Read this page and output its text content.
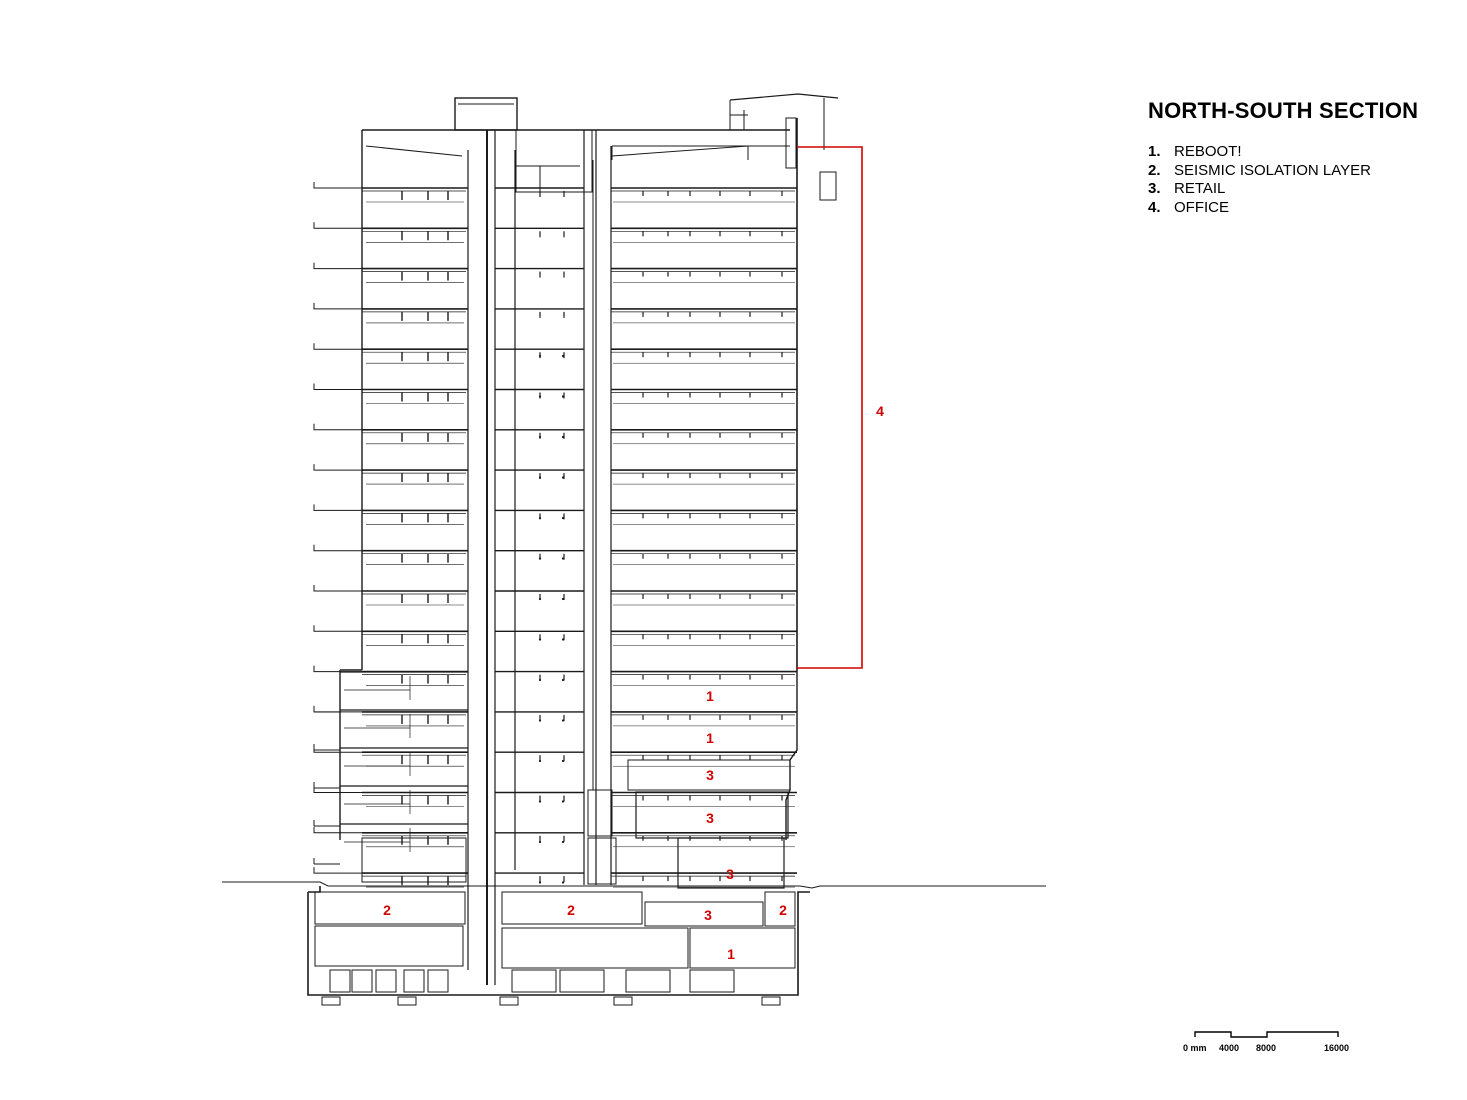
4
1
1
3
3
3
2	2	3	2
1
NORTH-SOUTH SECTION
1. REBOOT!
2. SEISMIC ISOLATION LAYER
3. RETAIL
4. OFFICE
0 mm 4000 8000	16000
